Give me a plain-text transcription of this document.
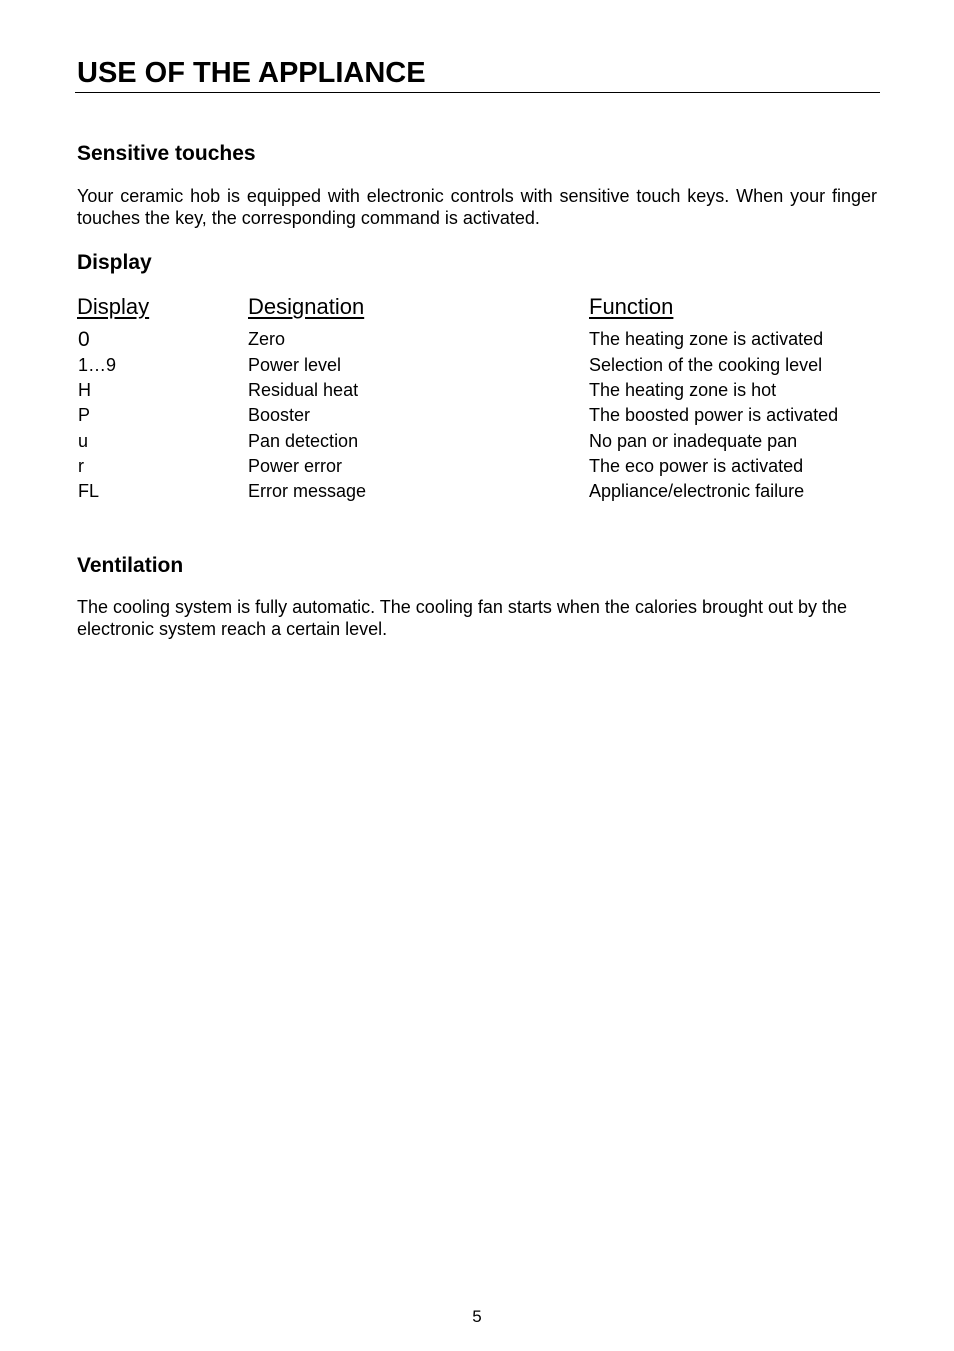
USE OF THE APPLIANCE
Sensitive touches

Your ceramic hob is equipped with electronic controls with sensitive touch keys. When your finger touches the key, the corresponding command is activated.

Display
Display	Designation	Function
0	Zero	The heating zone is activated
1…9	Power level	Selection of the cooking level
H	Residual heat	The heating zone is hot
P	Booster	The boosted power is activated
u	Pan detection	No pan or inadequate pan
r	Power error	The eco power is activated
FL	Error message	Appliance/electronic failure
Ventilation

The cooling system is fully automatic. The cooling fan starts when the calories brought out by the electronic system reach a certain level.

5
